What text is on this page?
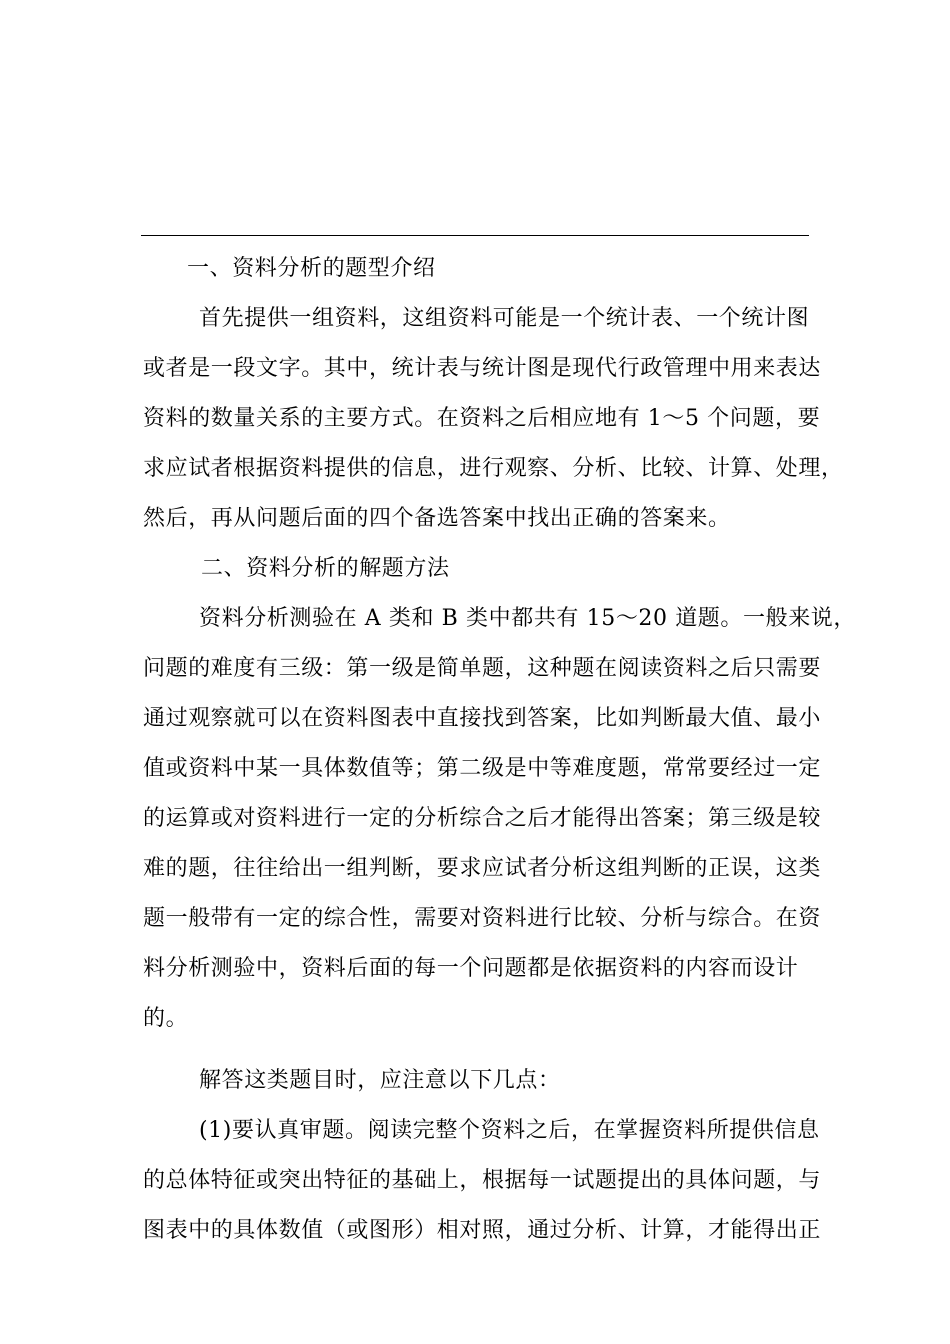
一、资料分析的题型介绍
首先提供一组资料，这组资料可能是一个统计表、一个统计图
或者是一段文字。其中，统计表与统计图是现代行政管理中用来表达
资料的数量关系的主要方式。在资料之后相应地有 1～5 个问题，要
求应试者根据资料提供的信息，进行观察、分析、比较、计算、处理，
然后，再从问题后面的四个备选答案中找出正确的答案来。
二、资料分析的解题方法
资料分析测验在 A 类和 B 类中都共有 15～20 道题。一般来说，
问题的难度有三级：第一级是简单题，这种题在阅读资料之后只需要
通过观察就可以在资料图表中直接找到答案，比如判断最大值、最小
值或资料中某一具体数值等；第二级是中等难度题，常常要经过一定
的运算或对资料进行一定的分析综合之后才能得出答案；第三级是较
难的题，往往给出一组判断，要求应试者分析这组判断的正误，这类
题一般带有一定的综合性，需要对资料进行比较、分析与综合。在资
料分析测验中，资料后面的每一个问题都是依据资料的内容而设计
的。
解答这类题目时，应注意以下几点：
(1)要认真审题。阅读完整个资料之后，在掌握资料所提供信息
的总体特征或突出特征的基础上，根据每一试题提出的具体问题，与
图表中的具体数值（或图形）相对照，通过分析、计算，才能得出正
